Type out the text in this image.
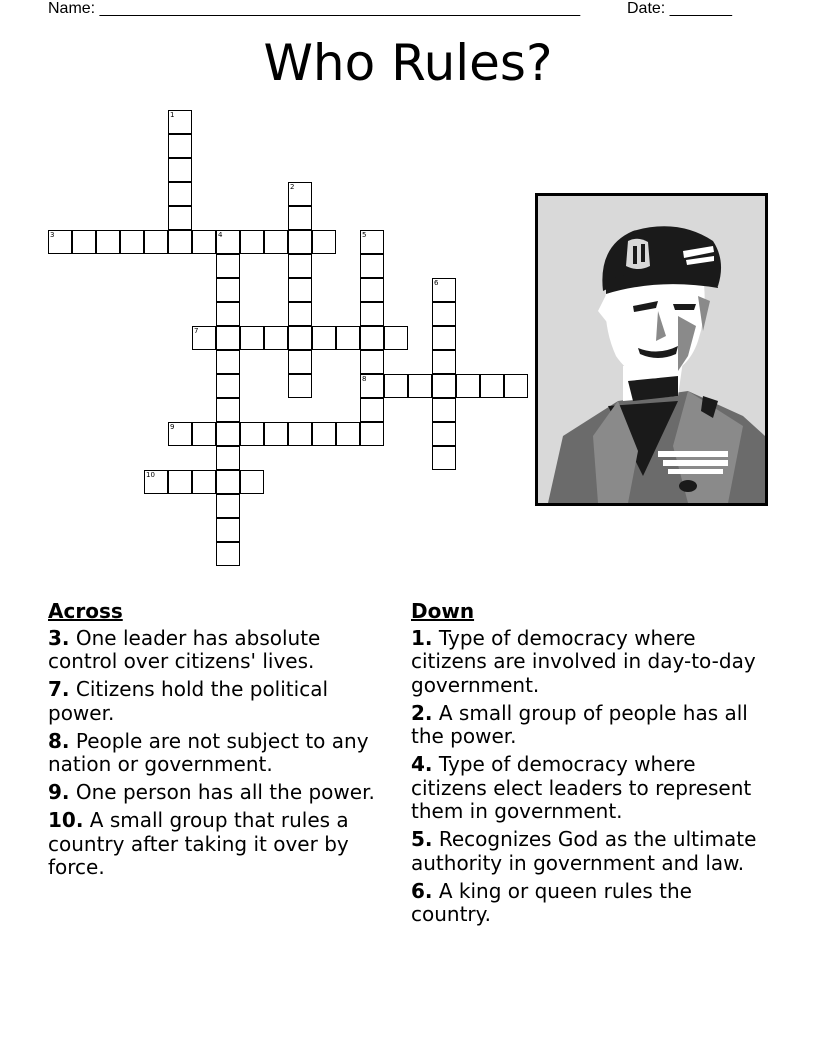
Name: ______________________________________________________	Date: _______
Who Rules?
3	4
7
8
9
10
1
2
5
6
Across
3. One leader has absolute control over citizens' lives.
7. Citizens hold the political power.
8. People are not subject to any nation or government.
9. One person has all the power.
10. A small group that rules a country after taking it over by force.
Down
1. Type of democracy where citizens are involved in day-to-day government.
2. A small group of people has all the power.
4. Type of democracy where citizens elect leaders to represent them in government.
5. Recognizes God as the ultimate authority in government and law.
6. A king or queen rules the country.
